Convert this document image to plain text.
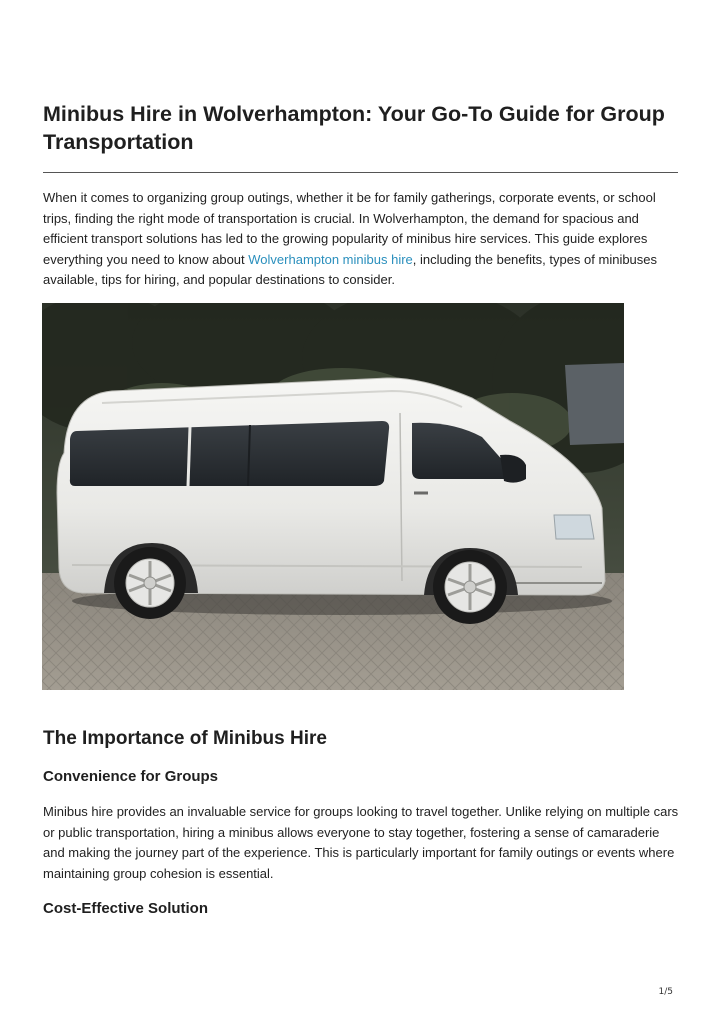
Minibus Hire in Wolverhampton: Your Go-To Guide for Group Transportation

When it comes to organizing group outings, whether it be for family gatherings, corporate events, or school trips, finding the right mode of transportation is crucial. In Wolverhampton, the demand for spacious and efficient transport solutions has led to the growing popularity of minibus hire services. This guide explores everything you need to know about Wolverhampton minibus hire, including the benefits, types of minibuses available, tips for hiring, and popular destinations to consider.

The Importance of Minibus Hire
Convenience for Groups

Minibus hire provides an invaluable service for groups looking to travel together. Unlike relying on multiple cars or public transportation, hiring a minibus allows everyone to stay together, fostering a sense of camaraderie and making the journey part of the experience. This is particularly important for family outings or events where maintaining group cohesion is essential.

Cost-Effective Solution
1/5
